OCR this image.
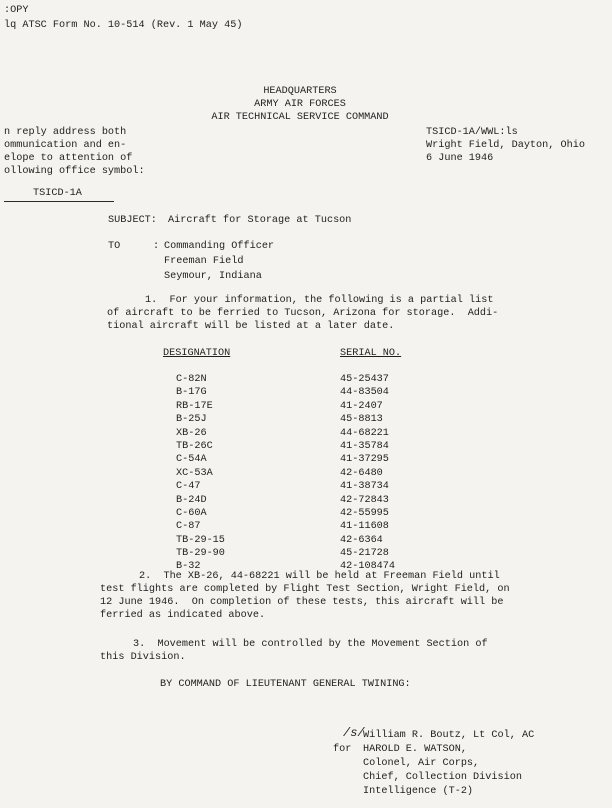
:OPY
lq ATSC Form No. 10-514 (Rev. 1 May 45)
HEADQUARTERS
ARMY AIR FORCES
AIR TECHNICAL SERVICE COMMAND
n reply address both
ommunication and en-
elope to attention of
ollowing office symbol:
TSICD-1A
TSICD-1A/WWL:ls
Wright Field, Dayton, Ohio
6 June 1946
SUBJECT: Aircraft for Storage at Tucson
TO	: Commanding Officer
Freeman Field
Seymour, Indiana
1.  For your information, the following is a partial list
of aircraft to be ferried to Tucson, Arizona for storage.  Addi-
tional aircraft will be listed at a later date.
DESIGNATION	SERIAL NO.
C-82N
B-17G
RB-17E
B-25J
XB-26
TB-26C
C-54A
XC-53A
C-47
B-24D
C-60A
C-87
TB-29-15
TB-29-90
B-32
45-25437
44-83504
41-2407
45-8813
44-68221
41-35784
41-37295
42-6480
41-38734
42-72843
42-55995
41-11608
42-6364
45-21728
42-108474
2.  The XB-26, 44-68221 will be held at Freeman Field until
test flights are completed by Flight Test Section, Wright Field, on
12 June 1946.  On completion of these tests, this aircraft will be
ferried as indicated above.
3.  Movement will be controlled by the Movement Section of
this Division.
BY COMMAND OF LIEUTENANT GENERAL TWINING:
/s/
William R. Boutz, Lt Col, AC
for HAROLD E. WATSON,
Colonel, Air Corps,
Chief, Collection Division
Intelligence (T-2)
